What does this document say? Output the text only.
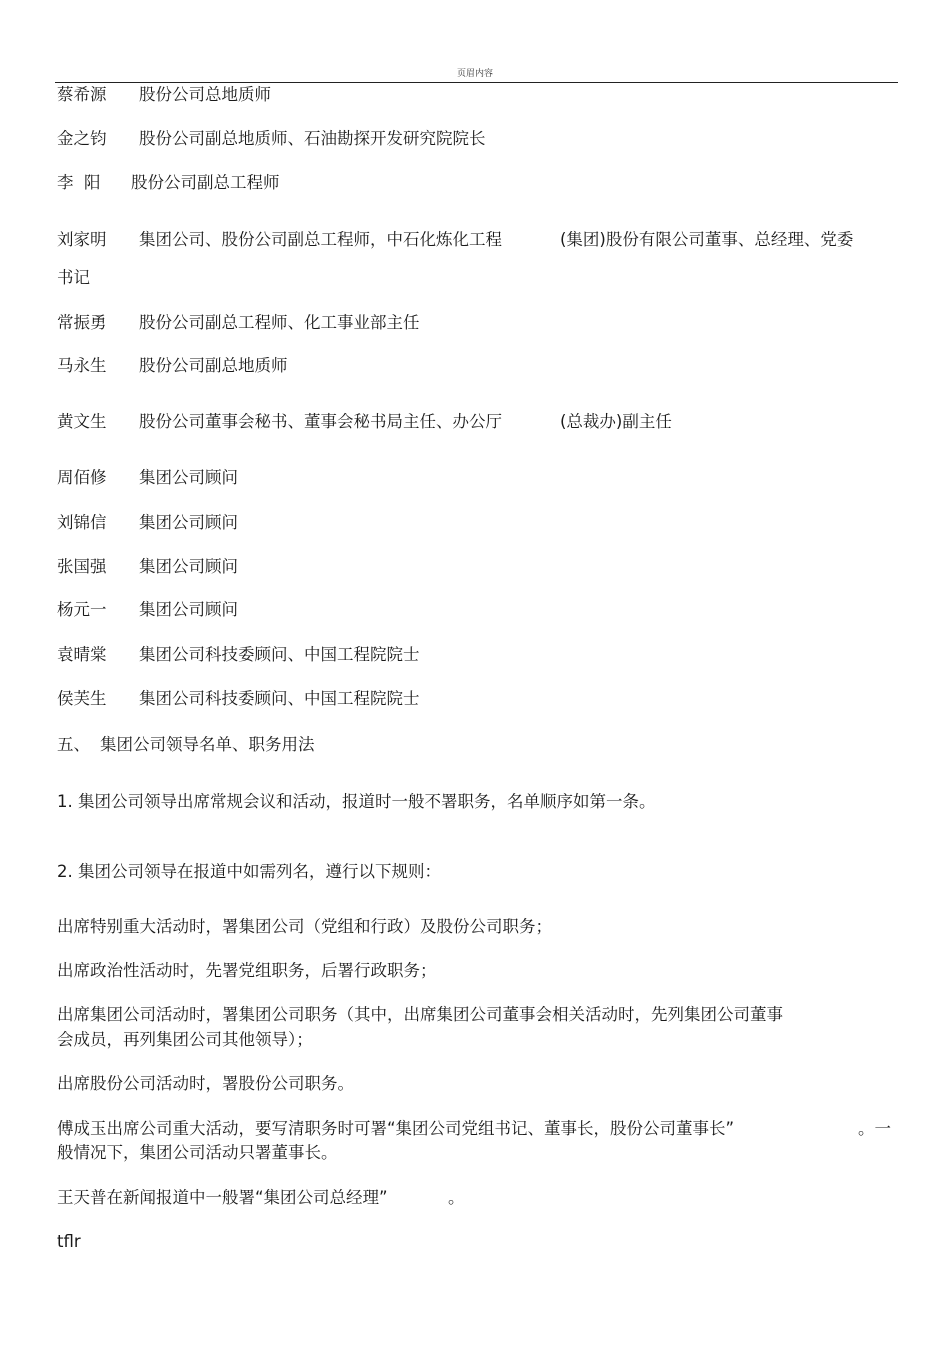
页眉内容
蔡希源 股份公司总地质师
金之钧 股份公司副总地质师、石油勘探开发研究院院长
李  阳 股份公司副总工程师
刘家明 集团公司、股份公司副总工程师，中石化炼化工程	(集团)股份有限公司董事、总经理、党委
书记
常振勇 股份公司副总工程师、化工事业部主任
马永生 股份公司副总地质师
黄文生 股份公司董事会秘书、董事会秘书局主任、办公厅	(总裁办)副主任
周佰修 集团公司顾问
刘锦信 集团公司顾问
张国强 集团公司顾问
杨元一 集团公司顾问
袁晴棠 集团公司科技委顾问、中国工程院院士
侯芙生 集团公司科技委顾问、中国工程院院士
五、 集团公司领导名单、职务用法
1. 集团公司领导出席常规会议和活动，报道时一般不署职务，名单顺序如第一条。
2. 集团公司领导在报道中如需列名，遵行以下规则：
出席特别重大活动时，署集团公司（党组和行政）及股份公司职务；
出席政治性活动时，先署党组职务，后署行政职务；
出席集团公司活动时，署集团公司职务（其中，出席集团公司董事会相关活动时，先列集团公司董事
会成员，再列集团公司其他领导）；
出席股份公司活动时，署股份公司职务。
傅成玉出席公司重大活动，要写清职务时可署“集团公司党组书记、董事长，股份公司董事长”	。一
般情况下，集团公司活动只署董事长。
王天普在新闻报道中一般署“集团公司总经理”	。
tflr
